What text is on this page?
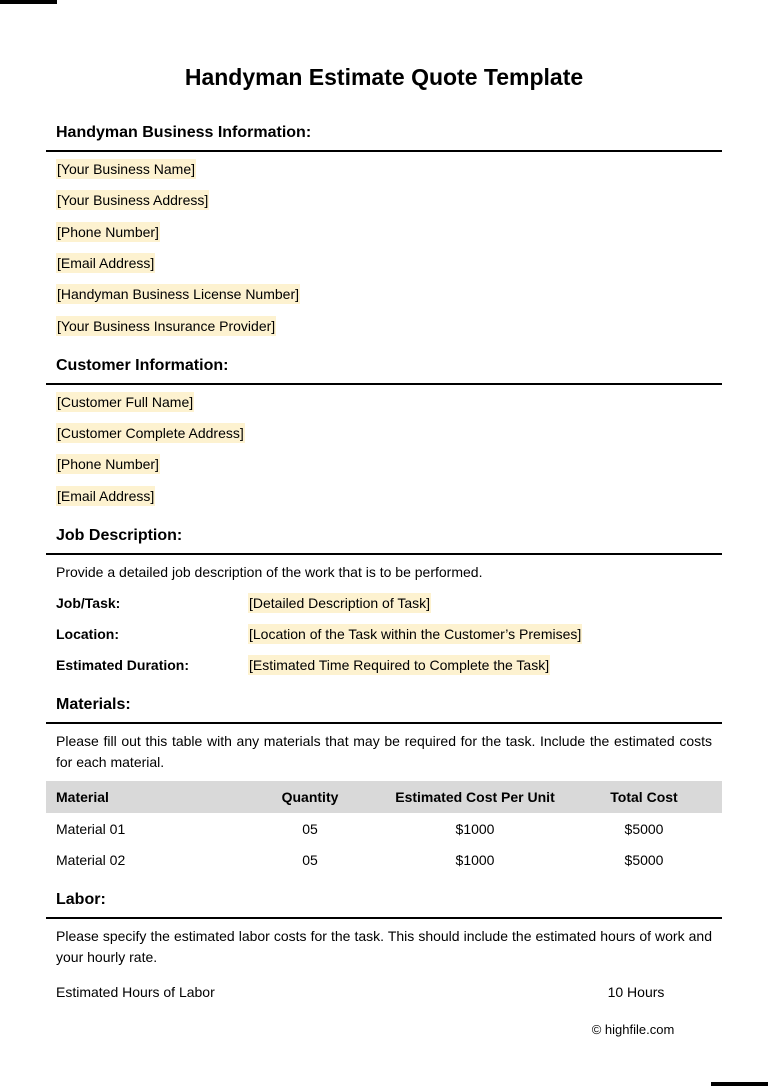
Handyman Estimate Quote Template
Handyman Business Information:
[Your Business Name]
[Your Business Address]
[Phone Number]
[Email Address]
[Handyman Business License Number]
[Your Business Insurance Provider]
Customer Information:
[Customer Full Name]
[Customer Complete Address]
[Phone Number]
[Email Address]
Job Description:
Provide a detailed job description of the work that is to be performed.
Job/Task:	[Detailed Description of Task]
Location:	[Location of the Task within the Customer’s Premises]
Estimated Duration:	[Estimated Time Required to Complete the Task]
Materials:
Please fill out this table with any materials that may be required for the task. Include the estimated costs for each material.
Material	Quantity	Estimated Cost Per Unit	Total Cost
Material 01	05	$1000	$5000
Material 02	05	$1000	$5000
Labor:
Please specify the estimated labor costs for the task. This should include the estimated hours of work and your hourly rate.
Estimated Hours of Labor	10 Hours
© highfile.com
